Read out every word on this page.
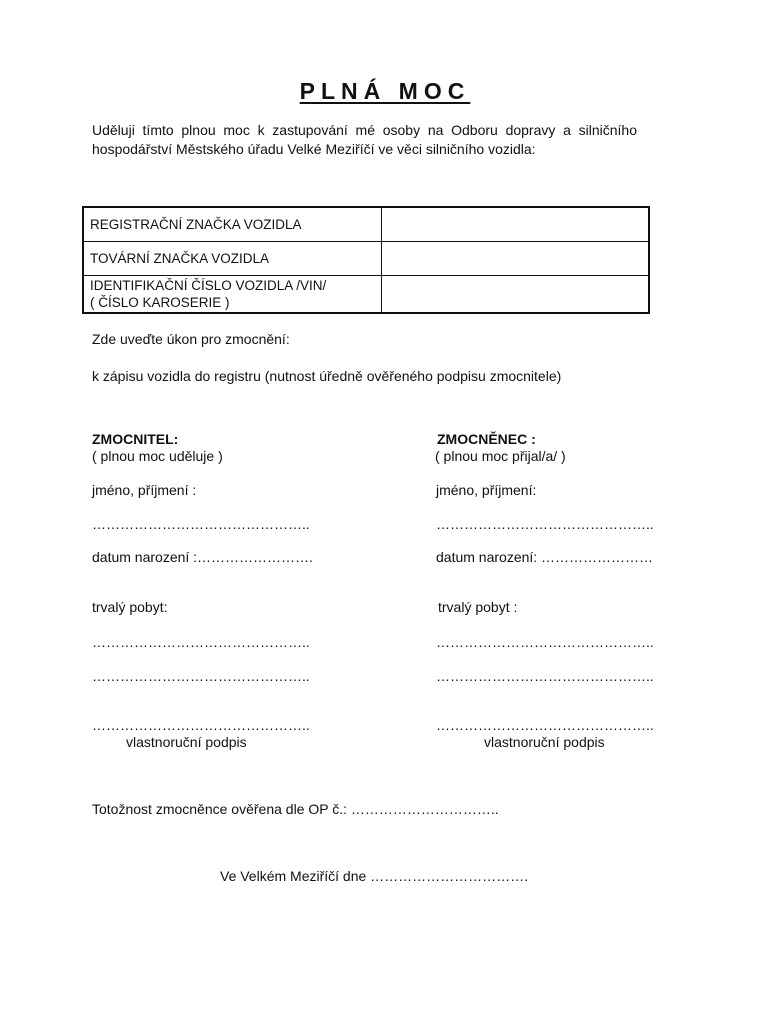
PLNÁ MOC
Uděluji tímto plnou moc k zastupování mé osoby na Odboru dopravy a silničního hospodářství Městského úřadu Velké Meziříčí ve věci silničního vozidla:
REGISTRAČNÍ ZNAČKA VOZIDLA	
TOVÁRNÍ ZNAČKA VOZIDLA	

IDENTIFIKAČNÍ ČÍSLO VOZIDLA /VIN/
( ČÍSLO KAROSERIE )	

Zde uveďte úkon pro zmocnění:
k zápisu vozidla do registru (nutnost úředně ověřeného podpisu zmocnitele)
ZMOCNITEL:
( plnou moc uděluje )
jméno, příjmení :
………………………………………..
datum narození :…………………….
trvalý pobyt:
………………………………………..
………………………………………..
………………………………………..
vlastnoruční podpis
ZMOCNĚNEC :
( plnou moc přijal/a/ )
jméno, příjmení:
………………………………………..
datum narození: ……………………
trvalý pobyt :
………………………………………..
………………………………………..
………………………………………..
vlastnoruční podpis
Totožnost zmocněnce ověřena dle OP č.: …………………………..
Ve Velkém Meziříčí dne …………………………….
